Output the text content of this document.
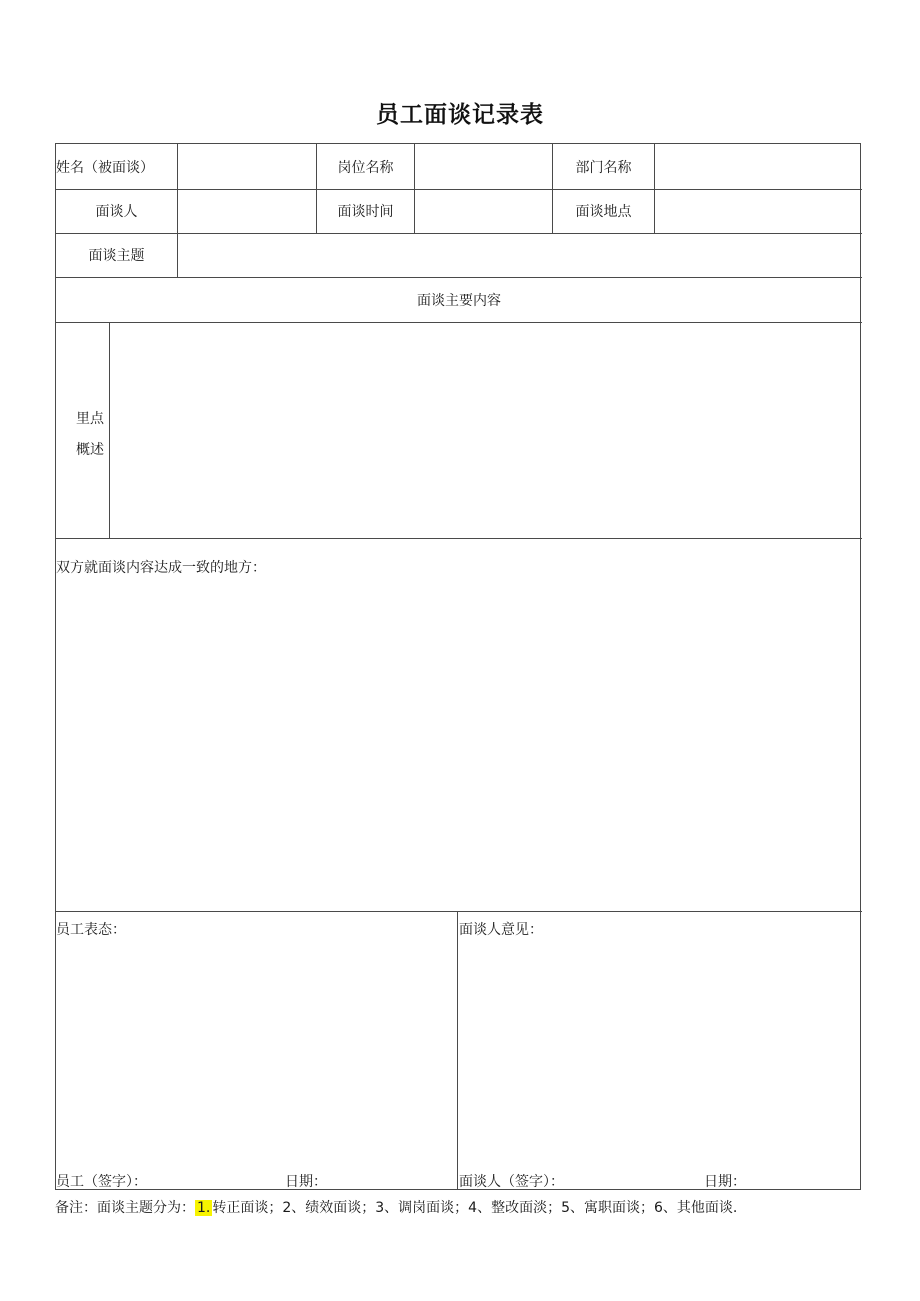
员工面谈记录表
姓名（被面谈）	岗位名称	部门名称
面谈人	面谈时间	面谈地点
面谈主题
面谈主要内容
里点
概述
双方就面谈内容达成一致的地方：
员工表态：
员工（签字）：	日期：
面谈人意见：
面谈人（签字）：	日期：
备注：面谈主题分为： 1. 转正面谈；2、绩效面谈；3、调岗面谈；4、整改面淡；5、寓职面谈；6、其他面谈.
